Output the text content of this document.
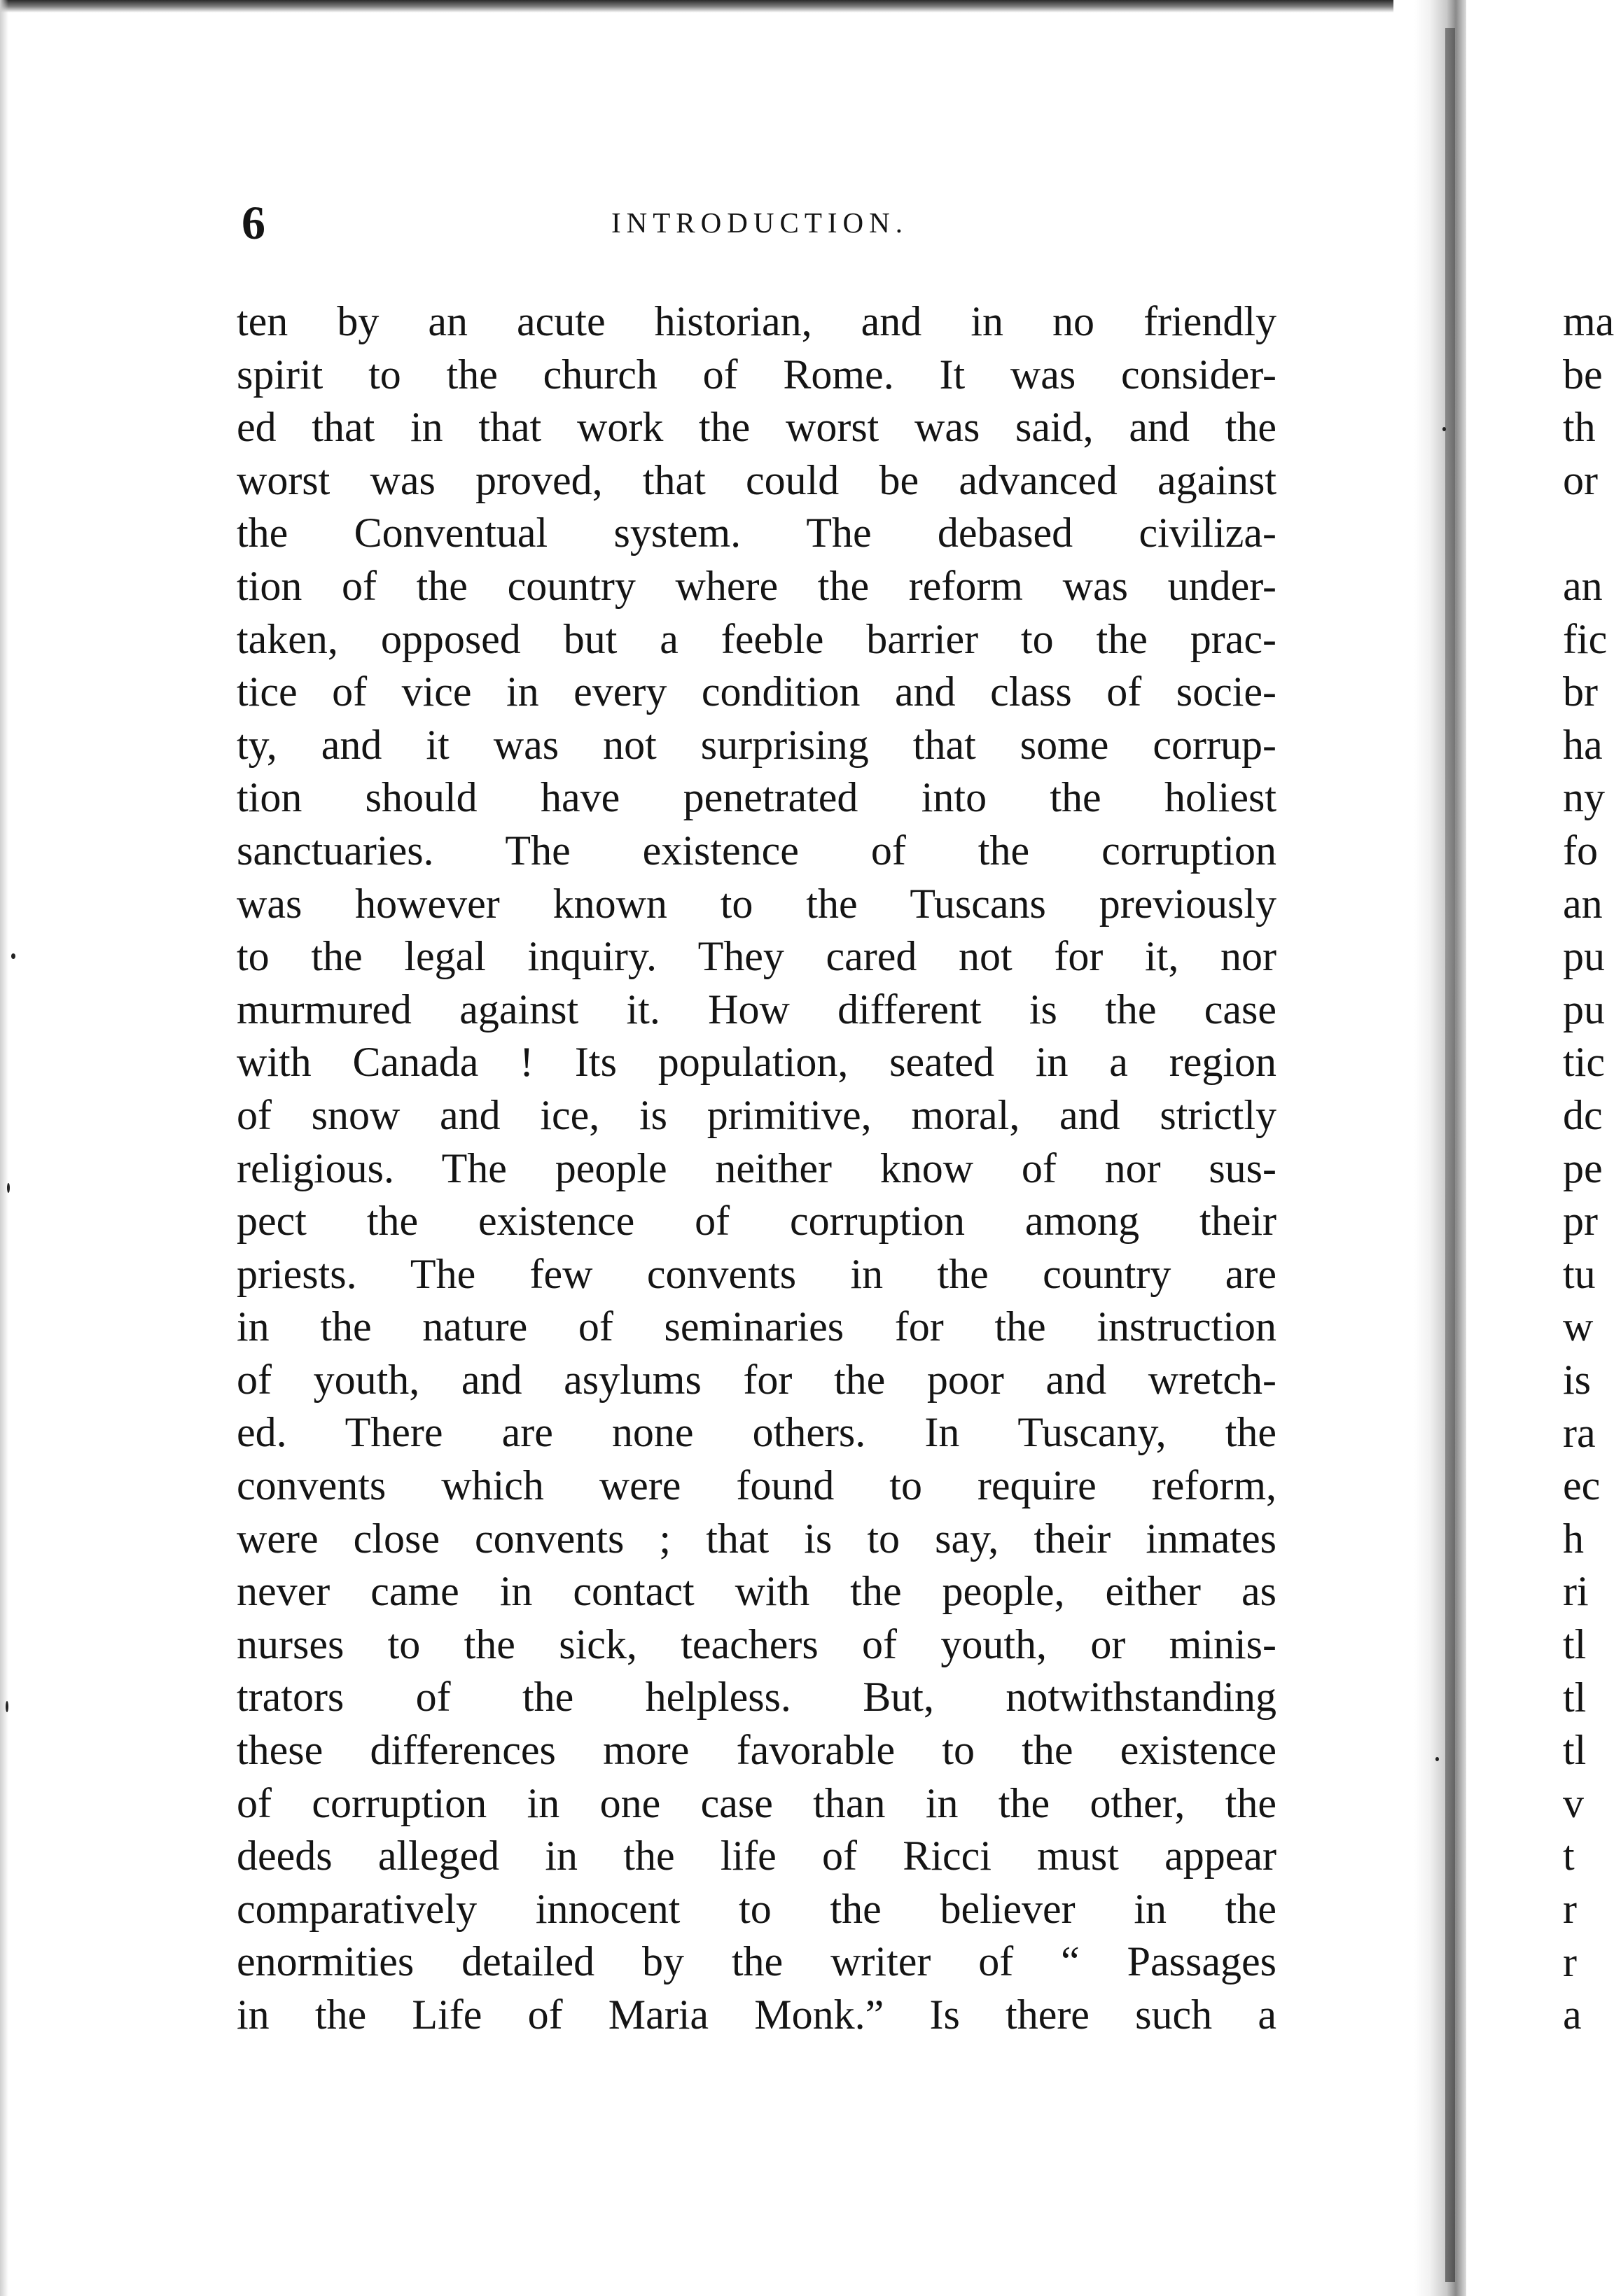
6	INTRODUCTION.
ten by an acute historian, and in no friendly
spirit to the church of Rome. It was consider-
ed that in that work the worst was said, and the
worst was proved, that could be advanced against
the Conventual system. The debased civiliza-
tion of the country where the reform was under-
taken, opposed but a feeble barrier to the prac-
tice of vice in every condition and class of socie-
ty, and it was not surprising that some corrup-
tion should have penetrated into the holiest
sanctuaries. The existence of the corruption
was however known to the Tuscans previously
to the legal inquiry. They cared not for it, nor
murmured against it. How different is the case
with Canada ! Its population, seated in a region
of snow and ice, is primitive, moral, and strictly
religious. The people neither know of nor sus-
pect the existence of corruption among their
priests. The few convents in the country are
in the nature of seminaries for the instruction
of youth, and asylums for the poor and wretch-
ed. There are none others. In Tuscany, the
convents which were found to require reform,
were close convents ; that is to say, their inmates
never came in contact with the people, either as
nurses to the sick, teachers of youth, or minis-
trators of the helpless. But, notwithstanding
these differences more favorable to the existence
of corruption in one case than in the other, the
deeds alleged in the life of Ricci must appear
comparatively innocent to the believer in the
enormities detailed by the writer of “ Passages
in the Life of Maria Monk.” Is there such a
ma
be
th
or
an
fic
br
ha
ny
fo
an
pu
pu
tic
dc
pe
pr
tu
w
is
ra
ec
h
ri
tl
tl
tl
v
t
r
r
a
